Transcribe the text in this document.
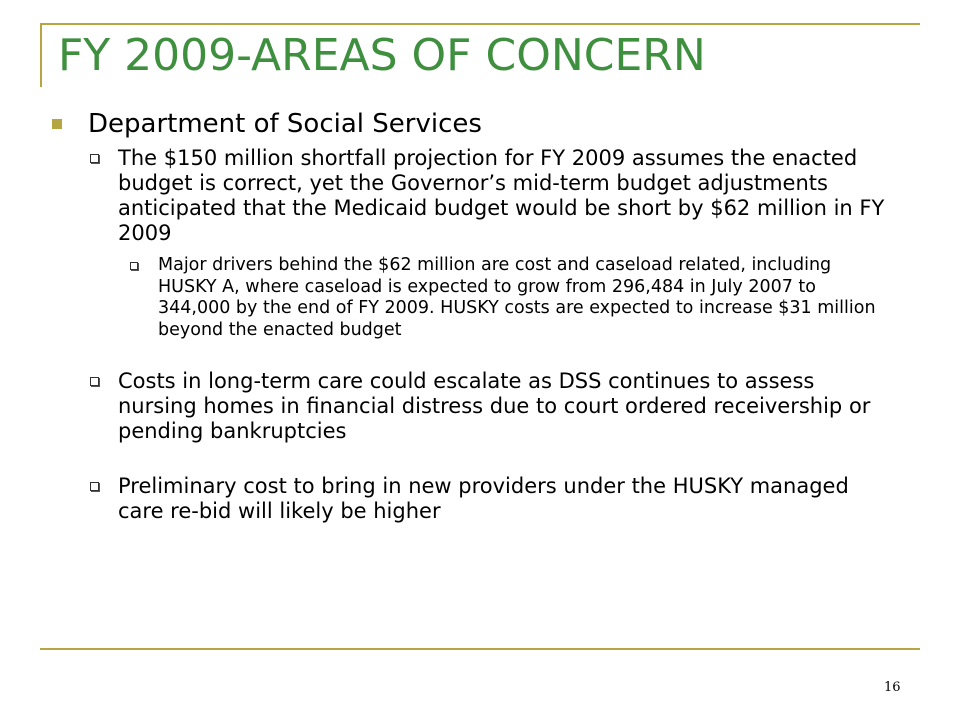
FY 2009-AREAS OF CONCERN
Department of Social Services
The $150 million shortfall projection for FY 2009 assumes the enacted budget is correct, yet the Governor’s mid-term budget adjustments anticipated that the Medicaid budget would be short by $62 million in FY 2009
Major drivers behind the $62 million are cost and caseload related, including HUSKY A, where caseload is expected to grow from 296,484 in July 2007 to 344,000 by the end of FY 2009. HUSKY costs are expected to increase $31 million beyond the enacted budget
Costs in long-term care could escalate as DSS continues to assess nursing homes in financial distress due to court ordered receivership or pending bankruptcies
Preliminary cost to bring in new providers under the HUSKY managed care re-bid will likely be higher
16
